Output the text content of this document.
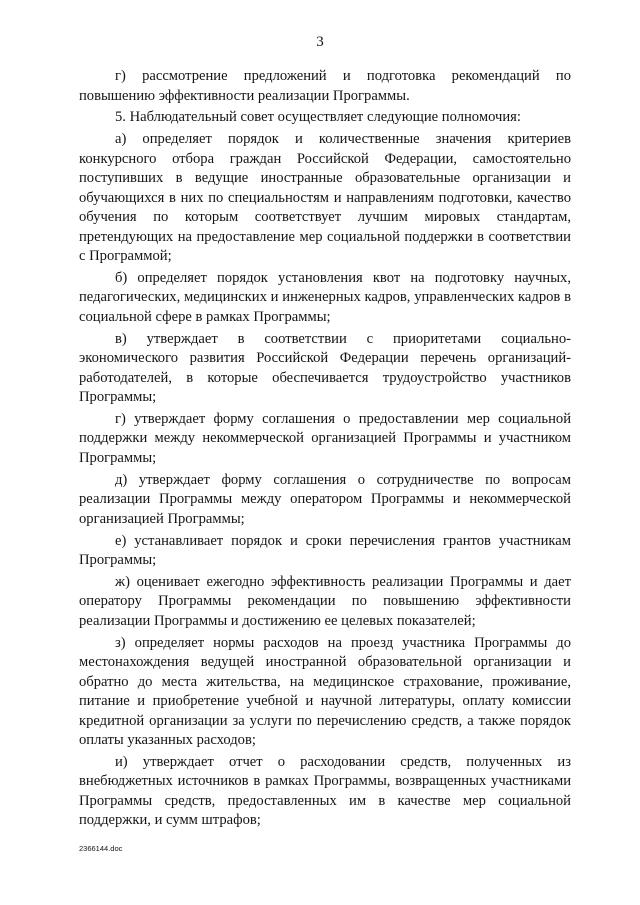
3

г) рассмотрение предложений и подготовка рекомендаций по повышению эффективности реализации Программы.

5. Наблюдательный совет осуществляет следующие полномочия:

а) определяет порядок и количественные значения критериев конкурсного отбора граждан Российской Федерации, самостоятельно поступивших в ведущие иностранные образовательные организации и обучающихся в них по специальностям и направлениям подготовки, качество обучения по которым соответствует лучшим мировых стандартам, претендующих на предоставление мер социальной поддержки в соответствии с Программой;

б) определяет порядок установления квот на подготовку научных, педагогических, медицинских и инженерных кадров, управленческих кадров в социальной сфере в рамках Программы;

в) утверждает в соответствии с приоритетами социально-экономического развития Российской Федерации перечень организаций-работодателей, в которые обеспечивается трудоустройство участников Программы;

г) утверждает форму соглашения о предоставлении мер социальной поддержки между некоммерческой организацией Программы и участником Программы;

д) утверждает форму соглашения о сотрудничестве по вопросам реализации Программы между оператором Программы и некоммерческой организацией Программы;

е) устанавливает порядок и сроки перечисления грантов участникам Программы;

ж) оценивает ежегодно эффективность реализации Программы и дает оператору Программы рекомендации по повышению эффективности реализации Программы и достижению ее целевых показателей;

з) определяет нормы расходов на проезд участника Программы до местонахождения ведущей иностранной образовательной организации и обратно до места жительства, на медицинское страхование, проживание, питание и приобретение учебной и научной литературы, оплату комиссии кредитной организации за услуги по перечислению средств, а также порядок оплаты указанных расходов;

и) утверждает отчет о расходовании средств, полученных из внебюджетных источников в рамках Программы, возвращенных участниками Программы средств, предоставленных им в качестве мер социальной поддержки, и сумм штрафов;

2366144.doc
